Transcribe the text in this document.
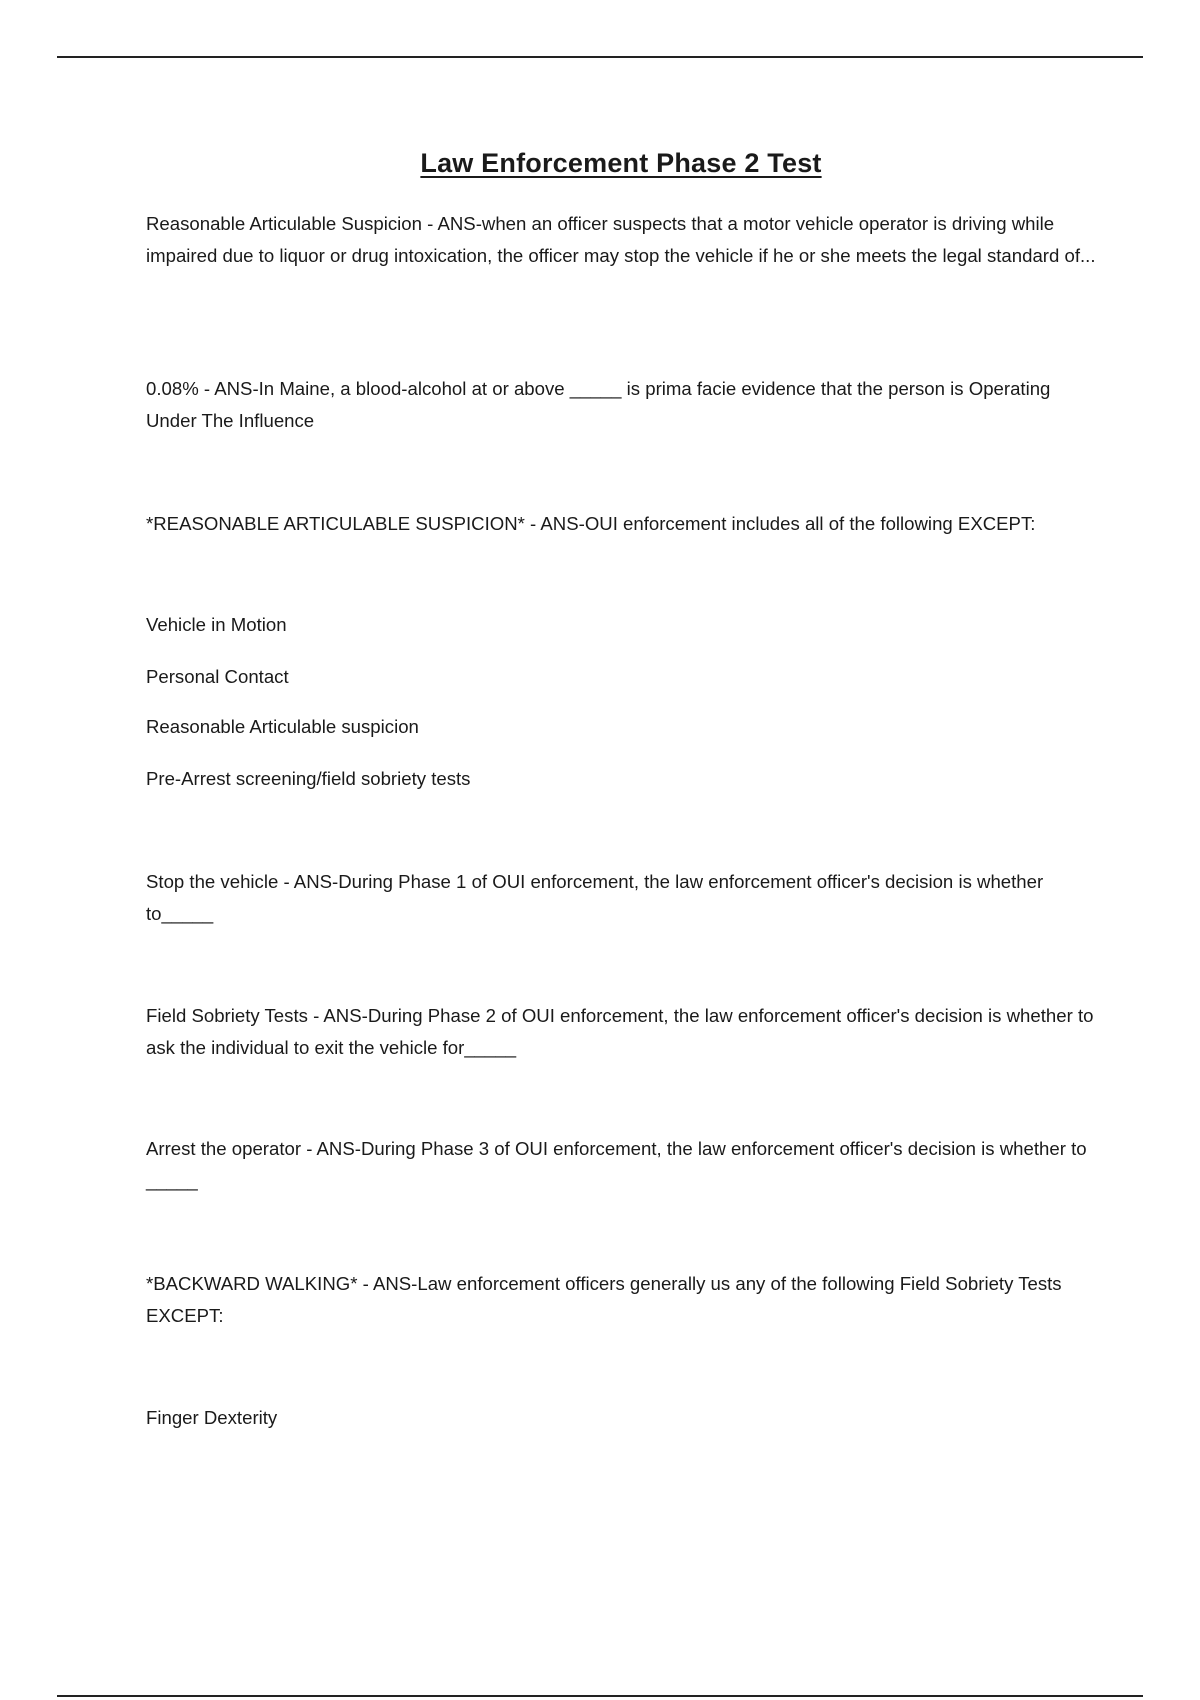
Law Enforcement Phase 2 Test

Reasonable Articulable Suspicion - ANS-when an officer suspects that a motor vehicle operator is driving while impaired due to liquor or drug intoxication, the officer may stop the vehicle if he or she meets the legal standard of...

0.08% - ANS-In Maine, a blood-alcohol at or above _____ is prima facie evidence that the person is Operating Under The Influence

*REASONABLE ARTICULABLE SUSPICION* - ANS-OUI enforcement includes all of the following EXCEPT:

Vehicle in Motion

Personal Contact

Reasonable Articulable suspicion

Pre-Arrest screening/field sobriety tests

Stop the vehicle - ANS-During Phase 1 of OUI enforcement, the law enforcement officer's decision is whether to_____

Field Sobriety Tests - ANS-During Phase 2 of OUI enforcement, the law enforcement officer's decision is whether to ask the individual to exit the vehicle for_____

Arrest the operator - ANS-During Phase 3 of OUI enforcement, the law enforcement officer's decision is whether to _____

*BACKWARD WALKING* - ANS-Law enforcement officers generally us any of the following Field Sobriety Tests EXCEPT:

Finger Dexterity
